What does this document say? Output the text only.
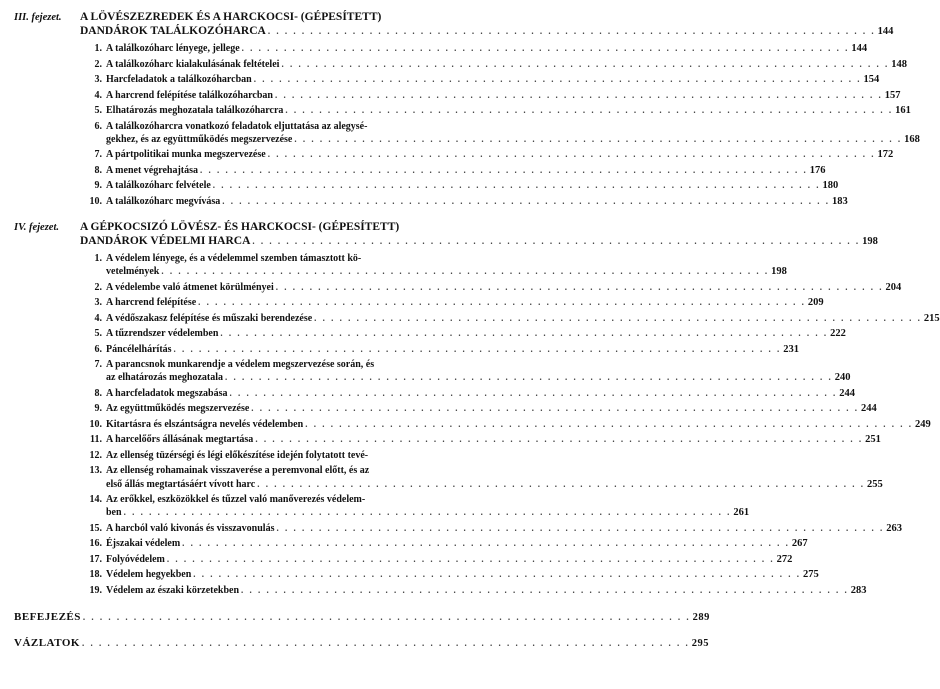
III. fejezet.	A LÖVÉSZEZREDEK ÉS A HARCKOCSI- (GÉPESÍTETT)
DANDÁROK TALÁLKOZÓHARCA . . .	144
1. A találkozóharc lényege, jellege . . .	144
2. A találkozóharc kialakulásának feltételei . . .	148
3. Harcfeladatok a találkozóharcban . . .	154
4. A harcrend felépítése találkozóharcban . . .	157
5. Elhatározás meghozatala találkozóharcra . . .	161
6. A találkozóharcra vonatkozó feladatok eljuttatása az alegysé-
gekhez, és az együttműködés megszervezése . . .	168
7. A pártpolitikai munka megszervezése . . .	172
8. A menet végrehajtása . . .	176
9. A találkozóharc felvétele . . .	180
10. A találkozóharc megvívása . . .	183
IV. fejezet.	A GÉPKOCSIZÓ LÖVÉSZ- ÉS HARCKOCSI- (GÉPESÍTETT)
DANDÁROK VÉDELMI HARCA . . .	198
1. A védelem lényege, és a védelemmel szemben támasztott kö-
vetelmények . . .	198
2. A védelembe való átmenet körülményei . . .	204
3. A harcrend felépítése . . .	209
4. A védőszakasz felépítése és műszaki berendezése . . .	215
5. A tűzrendszer védelemben . . .	222
6. Páncélelhárítás . . .	231
7. A parancsnok munkarendje a védelem megszervezése során, és
az elhatározás meghozatala . . .	240
8. A harcfeladatok megszabása . . .	244
9. Az együttműködés megszervezése . . .	244
10. Kitartásra és elszántságra nevelés védelemben . . .	249
11. A harcelőőrs állásának megtartása . . .	251
12. Az ellenség tüzérségi és légi előkészítése idején folytatott tevé-
13. Az ellenség rohamainak visszaverése a peremvonal előtt, és az
első állás megtartásáért vívott harc . . .	255
14. Az erőkkel, eszközökkel és tűzzel való manőverezés védelem-
ben . . .	261
15. A harcból való kivonás és visszavonulás . . .	263
16. Éjszakai védelem . . .	267
17. Folyóvédelem . . .	272
18. Védelem hegyekben . . .	275
19. Védelem az északi körzetekben . . .	283
BEFEJEZÉS . . .	289
VÁZLATOK . . .	295
